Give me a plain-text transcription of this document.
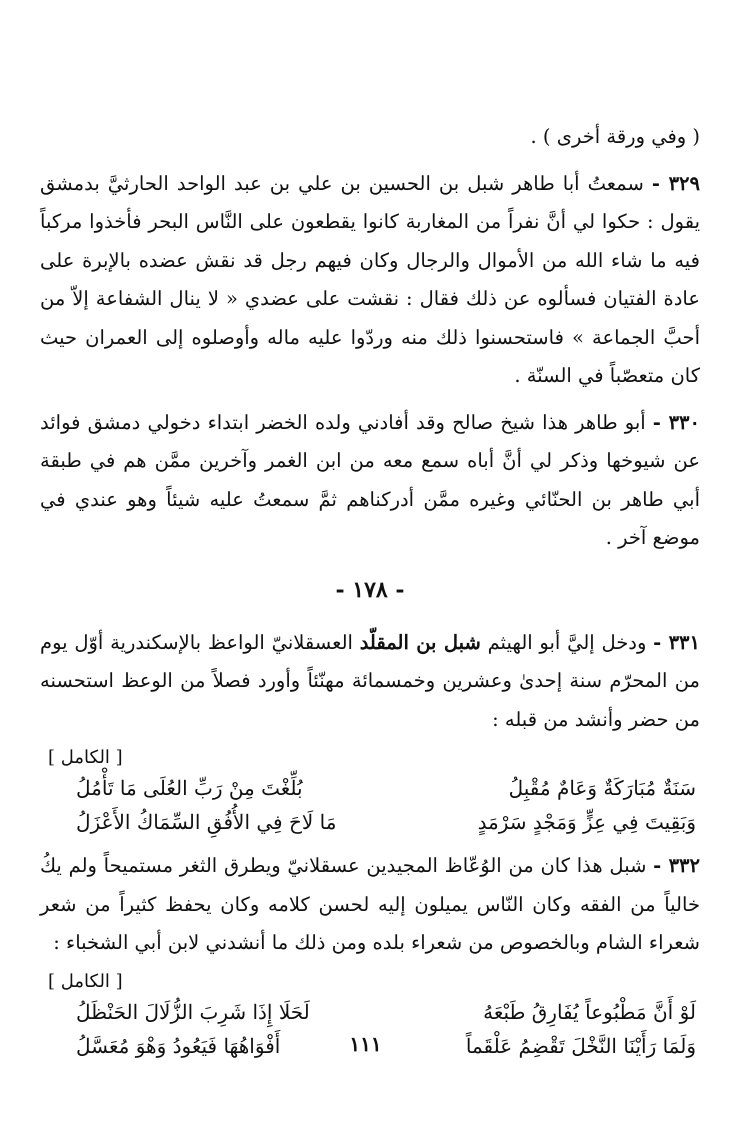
( وفي ورقة أخرى ) .

٣٢٩ - سمعتُ أبا طاهر شبل بن الحسين بن علي بن عبد الواحد الحارثيَّ بدمشق يقول : حكوا لي أنَّ نفراً من المغاربة كانوا يقطعون على النَّاس البحر فأخذوا مركباً فيه ما شاء الله من الأموال والرجال وكان فيهم رجل قد نقش عضده بالإبرة على عادة الفتيان فسألوه عن ذلك فقال : نقشت على عضدي « لا ينال الشفاعة إلاّ من أحبَّ الجماعة » فاستحسنوا ذلك منه وردّوا عليه ماله وأوصلوه إلى العمران حيث كان متعصّباً في السنّة .

٣٣٠ - أبو طاهر هذا شيخ صالح وقد أفادني ولده الخضر ابتداء دخولي دمشق فوائد عن شيوخها وذكر لي أنَّ أباه سمع معه من ابن الغمر وآخرين ممَّن هم في طبقة أبي طاهر بن الحنّائي وغيره ممَّن أدركناهم ثمَّ سمعتُ عليه شيئاً وهو عندي في موضع آخر .

- ١٧٨ -

٣٣١ - ودخل إليَّ أبو الهيثم شبل بن المقلّد العسقلانيّ الواعظ بالإسكندرية أوّل يوم من المحرّم سنة إحدىٰ وعشرين وخمسمائة مهنّئاً وأورد فصلاً من الوعظ استحسنه من حضر وأنشد من قبله :

[ الكامل ]
سَنَةٌ مُبَارَكَةٌ وَعَامٌ مُقْبِلُ
بُلِّغْتَ مِنْ رَبِّ العُلَى مَا تَأْمُلُ
وَبَقِيتَ فِي عِزٍّ وَمَجْدٍ سَرْمَدٍ
مَا لَاحَ فِي الأُفُقِ السِّمَاكُ الأَعْزَلُ

٣٣٢ - شبل هذا كان من الوُعّاظ المجيدين عسقلانيّ ويطرق الثغر مستميحاً ولم يكُ خالياً من الفقه وكان النّاس يميلون إليه لحسن كلامه وكان يحفظ كثيراً من شعر شعراء الشام وبالخصوص من شعراء بلده ومن ذلك ما أنشدني لابن أبي الشخباء :

[ الكامل ]
لَوْ أَنَّ مَطْبُوعاً يُفَارِقُ طَبْعَهُ
لَحَلَا إِذَا شَرِبَ الزُّلَالَ الحَنْظَلُ
وَلَمَا رَأَيْنَا النَّخْلَ تَقْضِمُ عَلْقَماً
أَفْوَاهُهَا فَيَعُودُ وَهْوَ مُعَسَّلُ	١١١
